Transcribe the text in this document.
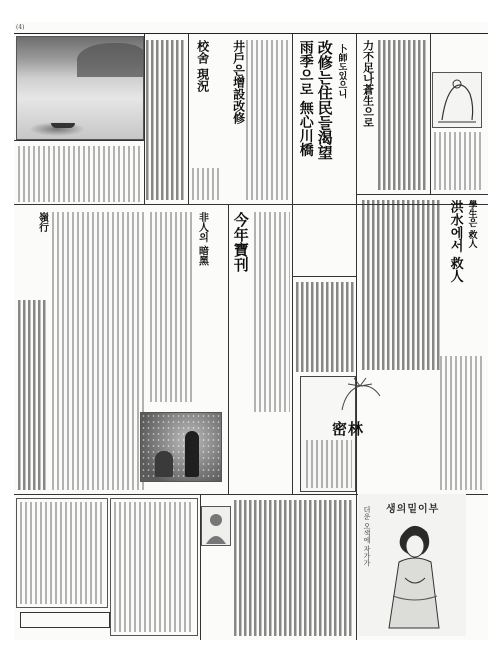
(4)
校舍 現況 井戶은增設改修	雨季으로 無心川橋 改修는住民들渴望 卜師도있으니 力不足나蒼生으로
洪水에서 救人 學生은 救人
今年寶刊
非人의 暗黑
嶺行
密林
생의밑이부
더운 오색에 자가가
